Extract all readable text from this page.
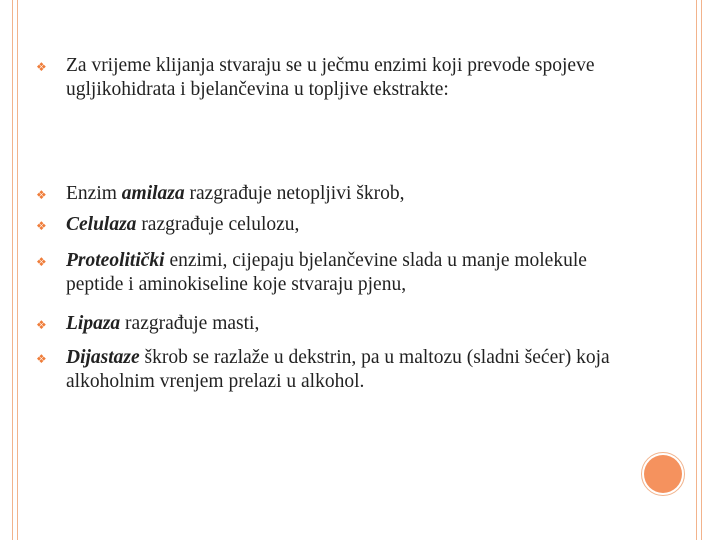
❖ Za vrijeme klijanja stvaraju se u ječmu enzimi koji prevode spojeve ugljikohidrata i bjelančevina u topljive ekstrakte:
❖ Enzim amilaza razgrađuje netopljivi škrob,
❖ Celulaza razgrađuje celulozu,
❖ Proteolitički enzimi, cijepaju bjelančevine slada u manje molekule peptide i aminokiseline koje stvaraju pjenu,
❖ Lipaza razgrađuje masti,
❖ Dijastaze škrob se razlaže u dekstrin, pa u maltozu (sladni šećer) koja alkoholnim vrenjem prelazi u alkohol.
